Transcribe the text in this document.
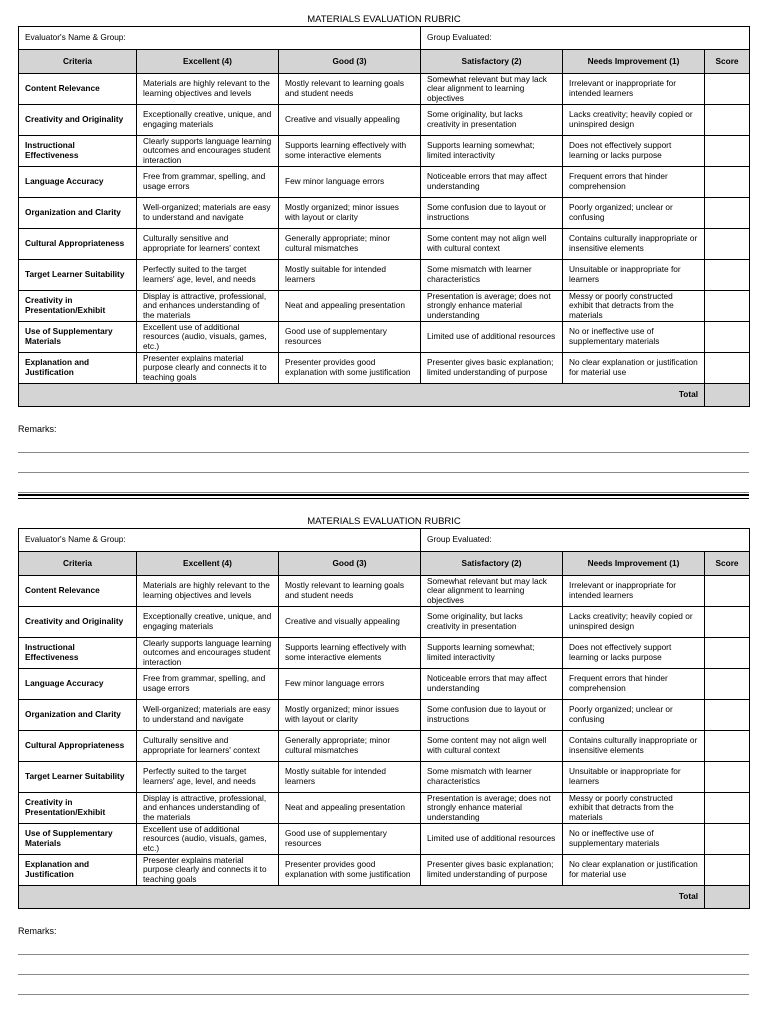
MATERIALS EVALUATION RUBRIC
Evaluator's Name & Group:			Group Evaluated:		
Criteria	Excellent (4)	Good (3)	Satisfactory (2)	Needs Improvement (1)	Score
Content Relevance	Materials are highly relevant to the learning objectives and levels	Mostly relevant to learning goals and student needs	Somewhat relevant but may lack clear alignment to learning objectives	Irrelevant or inappropriate for intended learners	
Creativity and Originality	Exceptionally creative, unique, and engaging materials	Creative and visually appealing	Some originality, but lacks creativity in presentation	Lacks creativity; heavily copied or uninspired design	
Instructional Effectiveness	Clearly supports language learning outcomes and encourages student interaction	Supports learning effectively with some interactive elements	Supports learning somewhat; limited interactivity	Does not effectively support learning or lacks purpose	
Language Accuracy	Free from grammar, spelling, and usage errors	Few minor language errors	Noticeable errors that may affect understanding	Frequent errors that hinder comprehension	
Organization and Clarity	Well-organized; materials are easy to understand and navigate	Mostly organized; minor issues with layout or clarity	Some confusion due to layout or instructions	Poorly organized; unclear or confusing	
Cultural Appropriateness	Culturally sensitive and appropriate for learners' context	Generally appropriate; minor cultural mismatches	Some content may not align well with cultural context	Contains culturally inappropriate or insensitive elements	
Target Learner Suitability	Perfectly suited to the target learners' age, level, and needs	Mostly suitable for intended learners	Some mismatch with learner characteristics	Unsuitable or inappropriate for learners	
Creativity in Presentation/Exhibit	Display is attractive, professional, and enhances understanding of the materials	Neat and appealing presentation	Presentation is average; does not strongly enhance material understanding	Messy or poorly constructed exhibit that detracts from the materials	
Use of Supplementary Materials	Excellent use of additional resources (audio, visuals, games, etc.)	Good use of supplementary resources	Limited use of additional resources	No or ineffective use of supplementary materials	
Explanation and Justification	Presenter explains material purpose clearly and connects it to teaching goals	Presenter provides good explanation with some justification	Presenter gives basic explanation; limited understanding of purpose	No clear explanation or justification for material use	
Total					
Remarks:
MATERIALS EVALUATION RUBRIC
Evaluator's Name & Group:			Group Evaluated:		
Criteria	Excellent (4)	Good (3)	Satisfactory (2)	Needs Improvement (1)	Score
Content Relevance	Materials are highly relevant to the learning objectives and levels	Mostly relevant to learning goals and student needs	Somewhat relevant but may lack clear alignment to learning objectives	Irrelevant or inappropriate for intended learners	
Creativity and Originality	Exceptionally creative, unique, and engaging materials	Creative and visually appealing	Some originality, but lacks creativity in presentation	Lacks creativity; heavily copied or uninspired design	
Instructional Effectiveness	Clearly supports language learning outcomes and encourages student interaction	Supports learning effectively with some interactive elements	Supports learning somewhat; limited interactivity	Does not effectively support learning or lacks purpose	
Language Accuracy	Free from grammar, spelling, and usage errors	Few minor language errors	Noticeable errors that may affect understanding	Frequent errors that hinder comprehension	
Organization and Clarity	Well-organized; materials are easy to understand and navigate	Mostly organized; minor issues with layout or clarity	Some confusion due to layout or instructions	Poorly organized; unclear or confusing	
Cultural Appropriateness	Culturally sensitive and appropriate for learners' context	Generally appropriate; minor cultural mismatches	Some content may not align well with cultural context	Contains culturally inappropriate or insensitive elements	
Target Learner Suitability	Perfectly suited to the target learners' age, level, and needs	Mostly suitable for intended learners	Some mismatch with learner characteristics	Unsuitable or inappropriate for learners	
Creativity in Presentation/Exhibit	Display is attractive, professional, and enhances understanding of the materials	Neat and appealing presentation	Presentation is average; does not strongly enhance material understanding	Messy or poorly constructed exhibit that detracts from the materials	
Use of Supplementary Materials	Excellent use of additional resources (audio, visuals, games, etc.)	Good use of supplementary resources	Limited use of additional resources	No or ineffective use of supplementary materials	
Explanation and Justification	Presenter explains material purpose clearly and connects it to teaching goals	Presenter provides good explanation with some justification	Presenter gives basic explanation; limited understanding of purpose	No clear explanation or justification for material use	
Total					
Remarks:
